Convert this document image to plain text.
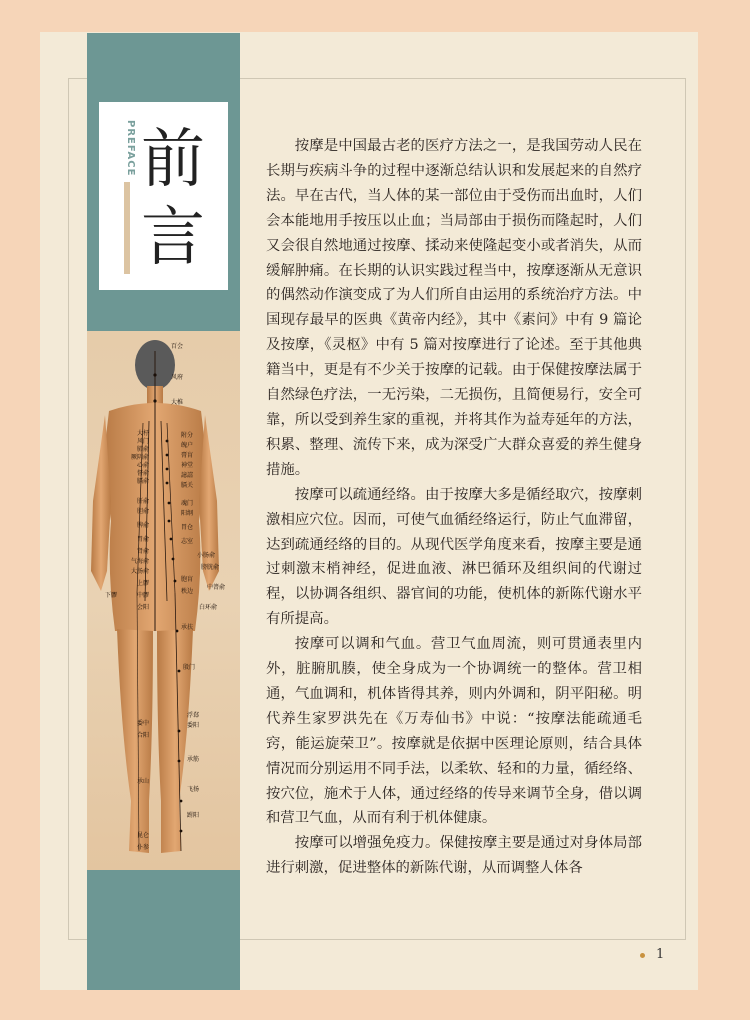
PREFACE 前
言
百会
风府
大椎
大杼
风门
肺俞
厥阴俞
心俞
督俞
膈俞
肝俞
胆俞
脾俞
胃俞
肾俞
气海俞
大肠俞
上髎
中髎
会阳
下髎
附分
魄户
膏肓
神堂
譩譆
膈关
魂门
阳纲
胃仓
志室
小肠俞
膀胱俞
胞肓
中膂俞
秩边
白环俞
承扶
殷门
浮郄
委阳
委中
合阳
承筋
承山
飞扬
跗阳
昆仑
仆参

按摩是中国最古老的医疗方法之一，是我国劳动人民在长期与疾病斗争的过程中逐渐总结认识和发展起来的自然疗法。早在古代，当人体的某一部位由于受伤而出血时，人们会本能地用手按压以止血；当局部由于损伤而隆起时，人们又会很自然地通过按摩、揉动来使隆起变小或者消失，从而缓解肿痛。在长期的认识实践过程当中，按摩逐渐从无意识的偶然动作演变成了为人们所自由运用的系统治疗方法。中国现存最早的医典《黄帝内经》，其中《素问》中有 9 篇论及按摩，《灵枢》中有 5 篇对按摩进行了论述。至于其他典籍当中，更是有不少关于按摩的记载。由于保健按摩法属于自然绿色疗法，一无污染，二无损伤，且简便易行，安全可靠，所以受到养生家的重视，并将其作为益寿延年的方法，积累、整理、流传下来，成为深受广大群众喜爱的养生健身措施。

按摩可以疏通经络。由于按摩大多是循经取穴，按摩刺激相应穴位。因而，可使气血循经络运行，防止气血滞留，达到疏通经络的目的。从现代医学角度来看，按摩主要是通过刺激末梢神经，促进血液、淋巴循环及组织间的代谢过程，以协调各组织、器官间的功能，使机体的新陈代谢水平有所提高。

按摩可以调和气血。营卫气血周流，则可贯通表里内外，脏腑肌腠，使全身成为一个协调统一的整体。营卫相通，气血调和，机体皆得其养，则内外调和，阴平阳秘。明代养生家罗洪先在《万寿仙书》中说：“按摩法能疏通毛窍，能运旋荣卫”。按摩就是依据中医理论原则，结合具体情况而分别运用不同手法，以柔软、轻和的力量，循经络、按穴位，施术于人体，通过经络的传导来调节全身，借以调和营卫气血，从而有利于机体健康。

按摩可以增强免疫力。保健按摩主要是通过对身体局部进行刺激，促进整体的新陈代谢，从而调整人体各

1
